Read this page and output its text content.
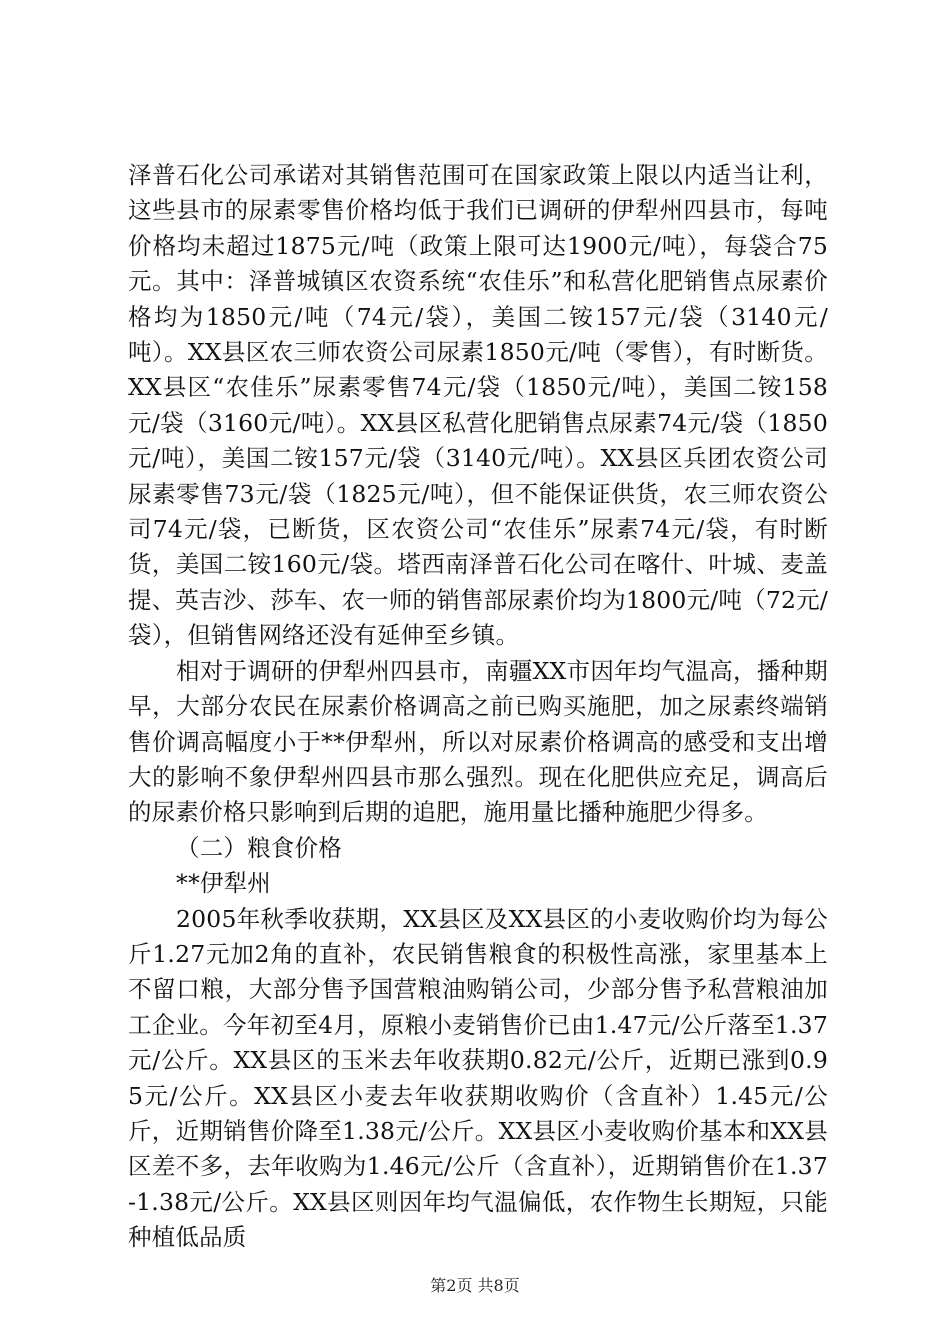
泽普石化公司承诺对其销售范围可在国家政策上限以内适当让利，这些县市的尿素零售价格均低于我们已调研的伊犁州四县市，每吨价格均未超过1875元/吨（政策上限可达1900元/吨），每袋合75元。其中：泽普城镇区农资系统“农佳乐”和私营化肥销售点尿素价格均为1850元/吨（74元/袋），美国二铵157元/袋（3140元/吨）。XX县区农三师农资公司尿素1850元/吨（零售），有时断货。XX县区“农佳乐”尿素零售74元/袋（1850元/吨），美国二铵158元/袋（3160元/吨）。XX县区私营化肥销售点尿素74元/袋（1850元/吨），美国二铵157元/袋（3140元/吨）。XX县区兵团农资公司尿素零售73元/袋（1825元/吨），但不能保证供货，农三师农资公司74元/袋，已断货，区农资公司“农佳乐”尿素74元/袋，有时断货，美国二铵160元/袋。塔西南泽普石化公司在喀什、叶城、麦盖提、英吉沙、莎车、农一师的销售部尿素价均为1800元/吨（72元/袋），但销售网络还没有延伸至乡镇。

相对于调研的伊犁州四县市，南疆XX市因年均气温高，播种期早，大部分农民在尿素价格调高之前已购买施肥，加之尿素终端销售价调高幅度小于**伊犁州，所以对尿素价格调高的感受和支出增大的影响不象伊犁州四县市那么强烈。现在化肥供应充足，调高后的尿素价格只影响到后期的追肥，施用量比播种施肥少得多。

（二）粮食价格

**伊犁州

2005年秋季收获期，XX县区及XX县区的小麦收购价均为每公斤1.27元加2角的直补，农民销售粮食的积极性高涨，家里基本上不留口粮，大部分售予国营粮油购销公司，少部分售予私营粮油加工企业。今年初至4月，原粮小麦销售价已由1.47元/公斤落至1.37元/公斤。XX县区的玉米去年收获期0.82元/公斤，近期已涨到0.95元/公斤。XX县区小麦去年收获期收购价（含直补）1.45元/公斤，近期销售价降至1.38元/公斤。XX县区小麦收购价基本和XX县区差不多，去年收购为1.46元/公斤（含直补），近期销售价在1.37-1.38元/公斤。XX县区则因年均气温偏低，农作物生长期短，只能种植低品质

第2页 共8页
